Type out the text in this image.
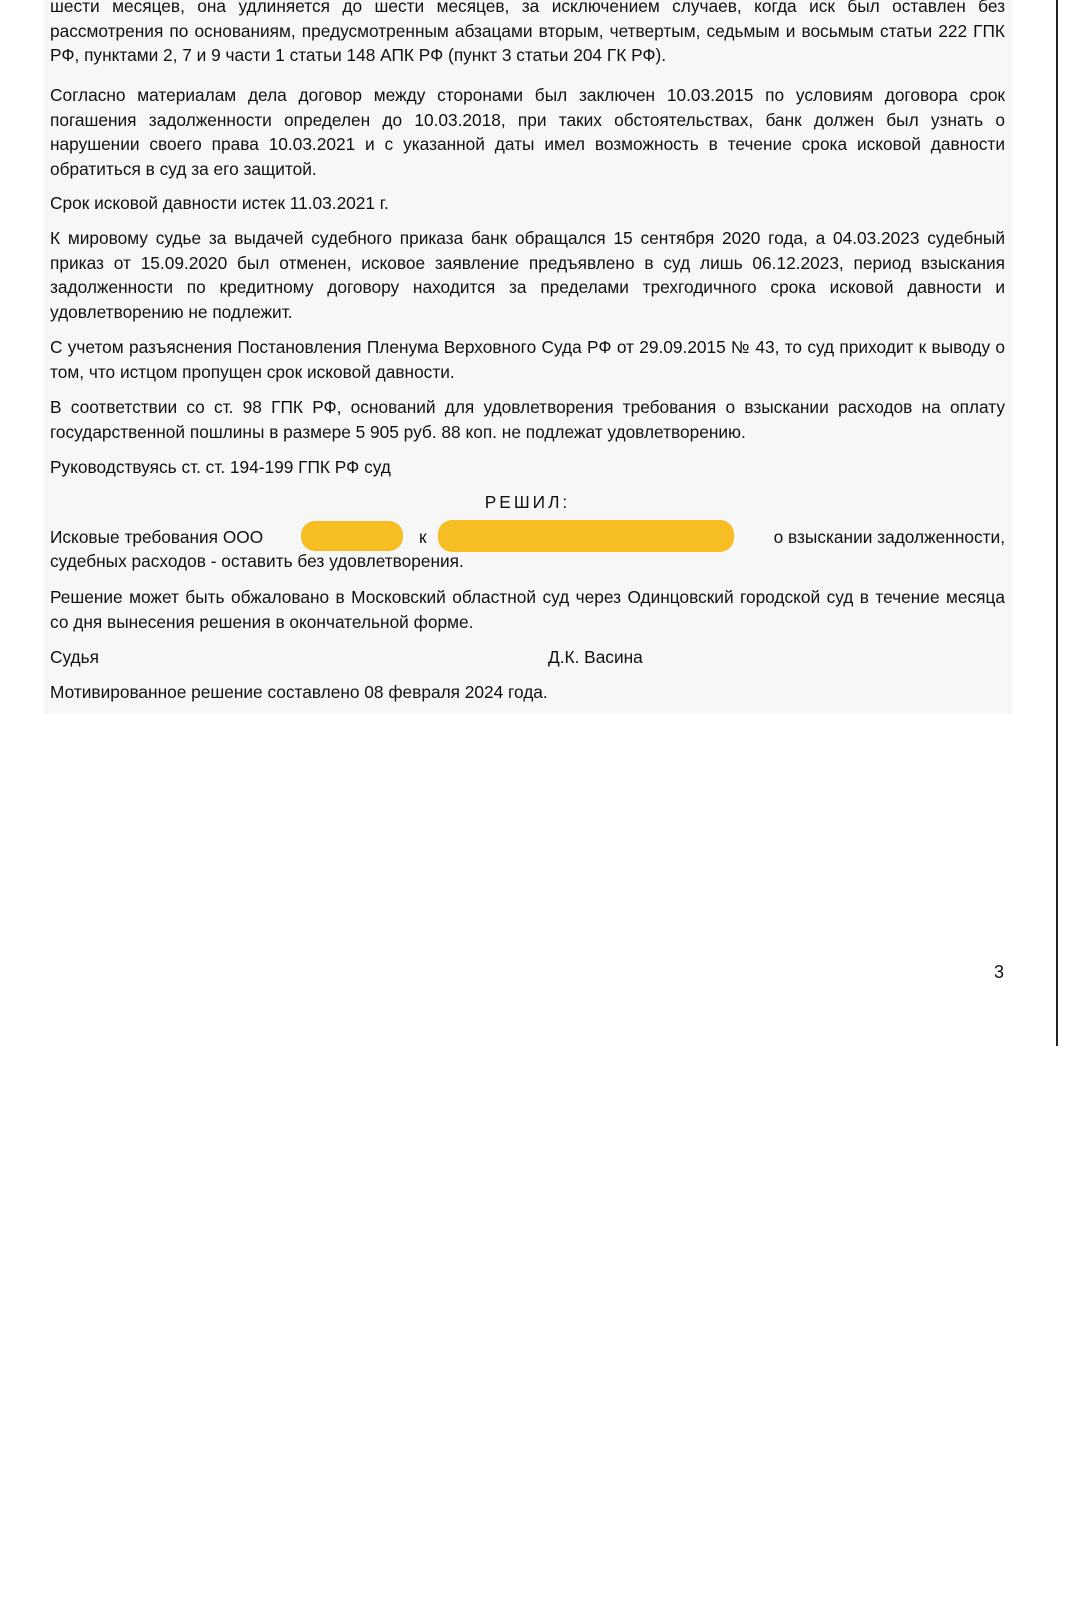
шести месяцев, она удлиняется до шести месяцев, за исключением случаев, когда иск был оставлен без рассмотрения по основаниям, предусмотренным абзацами вторым, четвертым, седьмым и восьмым статьи 222 ГПК РФ, пунктами 2, 7 и 9 части 1 статьи 148 АПК РФ (пункт 3 статьи 204 ГК РФ).

Согласно материалам дела договор между сторонами был заключен 10.03.2015 по условиям договора срок погашения задолженности определен до 10.03.2018, при таких обстоятельствах, банк должен был узнать о нарушении своего права 10.03.2021 и с указанной даты имел возможность в течение срока исковой давности обратиться в суд за его защитой.

Срок исковой давности истек 11.03.2021 г.

К мировому судье за выдачей судебного приказа банк обращался 15 сентября 2020 года, а 04.03.2023 судебный приказ от 15.09.2020 был отменен, исковое заявление предъявлено в суд лишь 06.12.2023, период взыскания задолженности по кредитному договору находится за пределами трехгодичного срока исковой давности и удовлетворению не подлежит.

С учетом разъяснения Постановления Пленума Верховного Суда РФ от 29.09.2015 № 43, то суд приходит к выводу о том, что истцом пропущен срок исковой давности.

В соответствии со ст. 98 ГПК РФ, оснований для удовлетворения требования о взыскании расходов на оплату государственной пошлины в размере 5 905 руб. 88 коп. не подлежат удовлетворению.

Руководствуясь ст. ст. 194-199 ГПК РФ суд

РЕШИЛ:

Исковые требования ООО	к	о взыскании задолженности,

судебных расходов - оставить без удовлетворения.

Решение может быть обжаловано в Московский областной суд через Одинцовский городской суд в течение месяца со дня вынесения решения в окончательной форме.

Судья	Д.К. Васина

Мотивированное решение составлено 08 февраля 2024 года.

3
